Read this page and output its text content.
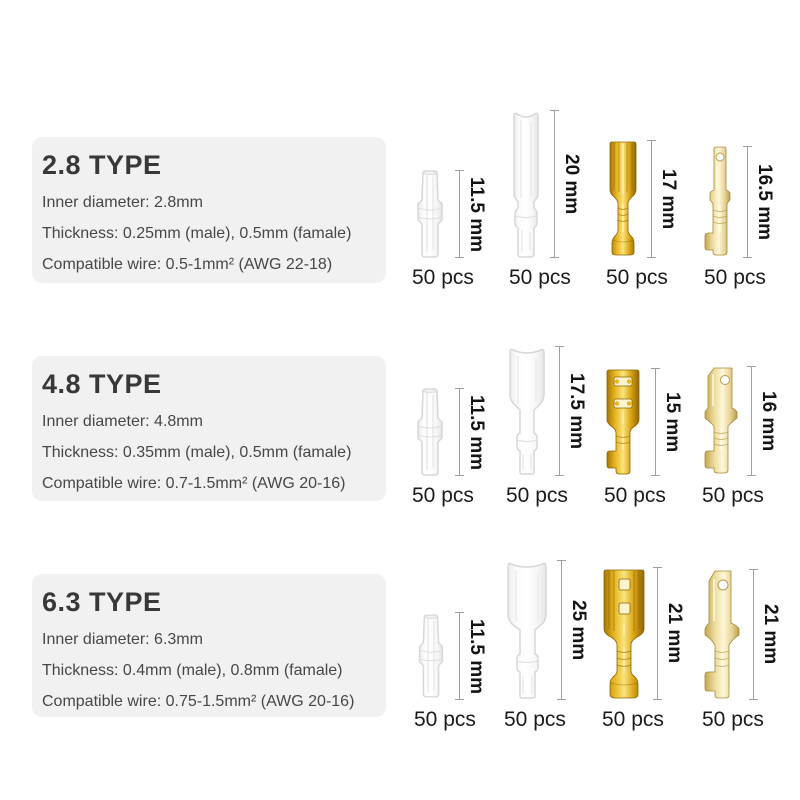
2.8 TYPE
Inner diameter: 2.8mm
Thickness: 0.25mm (male), 0.5mm (famale)
Compatible wire: 0.5-1mm² (AWG 22-18)
11.5 mm
50 pcs
20 mm
50 pcs
17 mm
50 pcs
16.5 mm
50 pcs
4.8 TYPE
Inner diameter: 4.8mm
Thickness: 0.35mm (male), 0.5mm (famale)
Compatible wire: 0.7-1.5mm² (AWG 20-16)
11.5 mm
50 pcs
17.5 mm
50 pcs
15 mm
50 pcs
16 mm
50 pcs
6.3 TYPE
Inner diameter: 6.3mm
Thickness: 0.4mm (male), 0.8mm (famale)
Compatible wire: 0.75-1.5mm² (AWG 20-16)
11.5 mm
50 pcs
25 mm
50 pcs
21 mm
50 pcs
21 mm
50 pcs
